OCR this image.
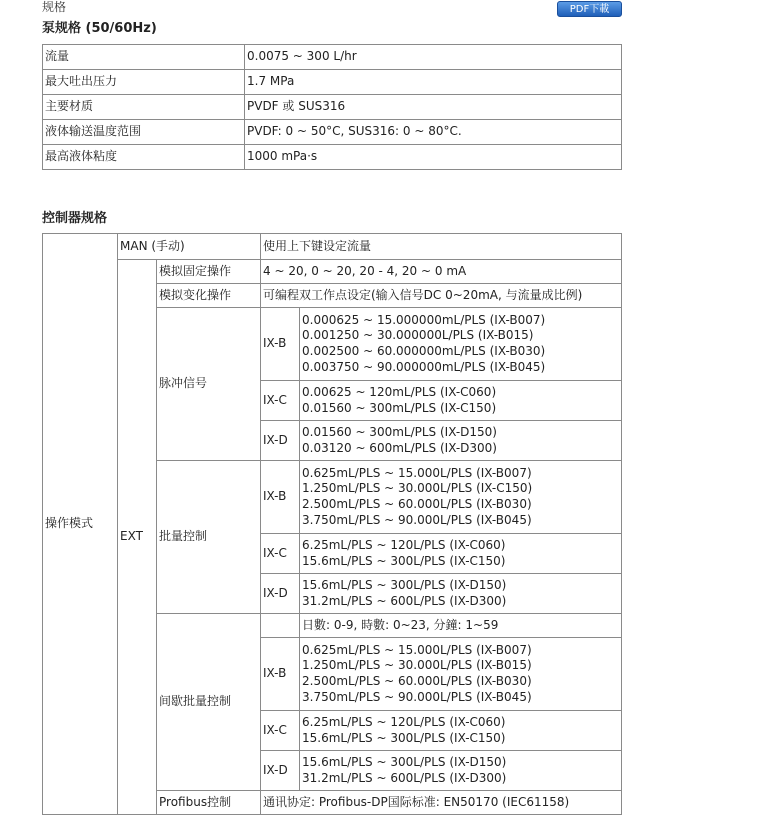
规格	PDF下載
泵规格 (50/60Hz)
流量	0.0075 ~ 300 L/hr
最大吐出压力	1.7 MPa
主要材质	PVDF 或 SUS316
液体输送温度范围	PVDF: 0 ~ 50°C, SUS316: 0 ~ 80°C.
最高液体粘度	1000 mPa·s
控制器规格
操作模式	MAN (手动)		使用上下键设定流量	
	EXT	模拟固定操作	4 ~ 20, 0 ~ 20, 20 - 4, 20 ~ 0 mA	
		模拟变化操作	可编程双工作点设定(输入信号DC 0~20mA, 与流量成比例)	
		脉冲信号	IX-B	0.000625 ~ 15.000000mL/PLS (IX-B007)
0.001250 ~ 30.000000L/PLS (IX-B015)
0.002500 ~ 60.000000mL/PLS (IX-B030)
0.003750 ~ 90.000000mL/PLS (IX-B045)

			IX-C	0.00625 ~ 120mL/PLS (IX-C060)
0.01560 ~ 300mL/PLS (IX-C150)

			IX-D	0.01560 ~ 300mL/PLS (IX-D150)
0.03120 ~ 600mL/PLS (IX-D300)

		批量控制	IX-B	0.625mL/PLS ~ 15.000L/PLS (IX-B007)
1.250mL/PLS ~ 30.000L/PLS (IX-C150)
2.500mL/PLS ~ 60.000L/PLS (IX-B030)
3.750mL/PLS ~ 90.000L/PLS (IX-B045)

			IX-C	6.25mL/PLS ~ 120L/PLS (IX-C060)
15.6mL/PLS ~ 300L/PLS (IX-C150)

			IX-D	15.6mL/PLS ~ 300L/PLS (IX-D150)
31.2mL/PLS ~ 600L/PLS (IX-D300)

		间歇批量控制		日數: 0-9, 時數: 0~23, 分鐘: 1~59
			IX-B	0.625mL/PLS ~ 15.000L/PLS (IX-B007)
1.250mL/PLS ~ 30.000L/PLS (IX-B015)
2.500mL/PLS ~ 60.000L/PLS (IX-B030)
3.750mL/PLS ~ 90.000L/PLS (IX-B045)

			IX-C	6.25mL/PLS ~ 120L/PLS (IX-C060)
15.6mL/PLS ~ 300L/PLS (IX-C150)

			IX-D	15.6mL/PLS ~ 300L/PLS (IX-D150)
31.2mL/PLS ~ 600L/PLS (IX-D300)

		Profibus控制	通讯协定: Profibus-DP国际标准: EN50170 (IEC61158)	
